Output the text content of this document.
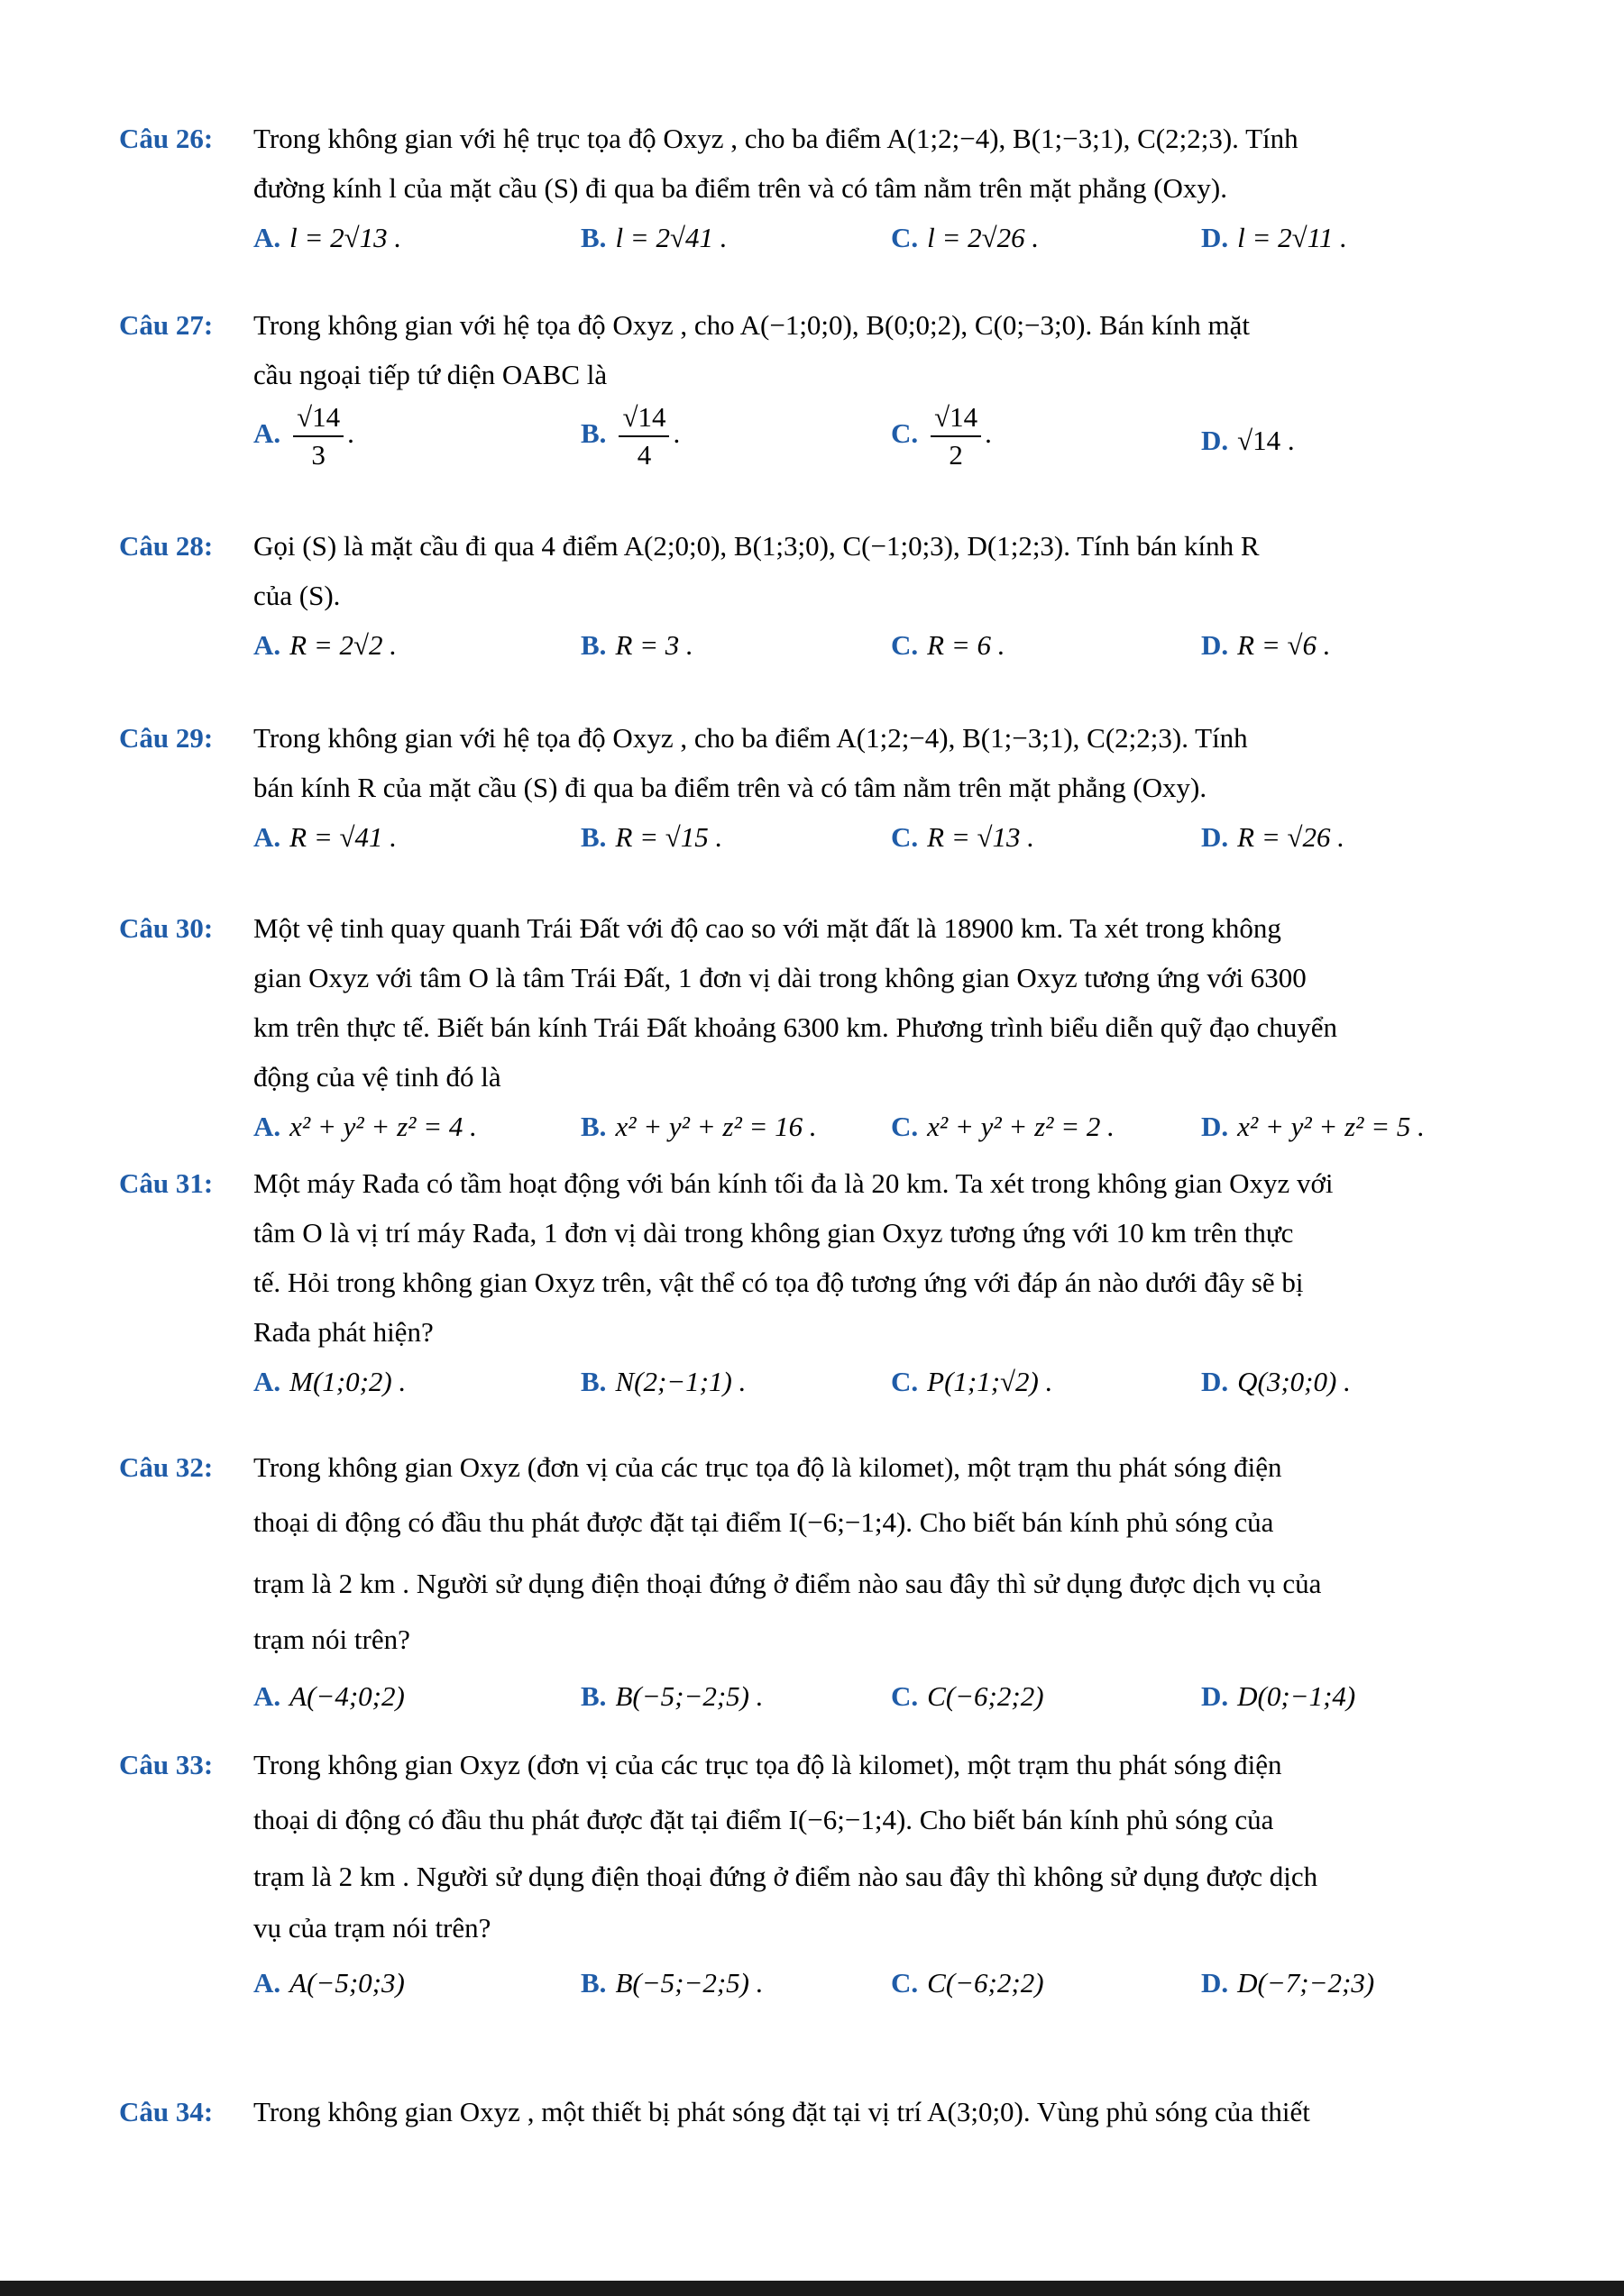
Câu 26: Trong không gian với hệ trục tọa độ Oxyz , cho ba điểm A(1;2;−4), B(1;−3;1), C(2;2;3). Tính
đường kính l của mặt cầu (S) đi qua ba điểm trên và có tâm nằm trên mặt phẳng (Oxy).
A. l = 2√13 .	B. l = 2√41 .	C. l = 2√26 .	D. l = 2√11 .
Câu 27: Trong không gian với hệ tọa độ Oxyz , cho A(−1;0;0), B(0;0;2), C(0;−3;0). Bán kính mặt
cầu ngoại tiếp tứ diện OABC là
A. $\frac{√14}{3}$ .	B. $\frac{√14}{4}$ .	C. $\frac{√14}{2}$ .	D. √14 .
Câu 28: Gọi (S) là mặt cầu đi qua 4 điểm A(2;0;0), B(1;3;0), C(−1;0;3), D(1;2;3). Tính bán kính R
của (S).
A. R = 2√2 .	B. R = 3 .	C. R = 6 .	D. R = √6 .
Câu 29: Trong không gian với hệ tọa độ Oxyz , cho ba điểm A(1;2;−4), B(1;−3;1), C(2;2;3). Tính
bán kính R của mặt cầu (S) đi qua ba điểm trên và có tâm nằm trên mặt phẳng (Oxy).
A. R = √41 .	B. R = √15 .	C. R = √13 .	D. R = √26 .
Câu 30: Một vệ tinh quay quanh Trái Đất với độ cao so với mặt đất là 18900 km. Ta xét trong không
gian Oxyz với tâm O là tâm Trái Đất, 1 đơn vị dài trong không gian Oxyz tương ứng với 6300
km trên thực tế. Biết bán kính Trái Đất khoảng 6300 km. Phương trình biểu diễn quỹ đạo chuyển
động của vệ tinh đó là
A. x² + y² + z² = 4 .	B. x² + y² + z² = 16 .	C. x² + y² + z² = 2 .	D. x² + y² + z² = 5 .
Câu 31: Một máy Rađa có tầm hoạt động với bán kính tối đa là 20 km. Ta xét trong không gian Oxyz với
tâm O là vị trí máy Rađa, 1 đơn vị dài trong không gian Oxyz tương ứng với 10 km trên thực
tế. Hỏi trong không gian Oxyz trên, vật thể có tọa độ tương ứng với đáp án nào dưới đây sẽ bị
Rađa phát hiện?
A. M(1;0;2) .	B. N(2;−1;1) .	C. P(1;1;√2) .	D. Q(3;0;0) .
Câu 32: Trong không gian Oxyz (đơn vị của các trục tọa độ là kilomet), một trạm thu phát sóng điện
thoại di động có đầu thu phát được đặt tại điểm I(−6;−1;4). Cho biết bán kính phủ sóng của
trạm là 2 km . Người sử dụng điện thoại đứng ở điểm nào sau đây thì sử dụng được dịch vụ của
trạm nói trên?
A. A(−4;0;2)	B. B(−5;−2;5) .	C. C(−6;2;2)	D. D(0;−1;4)
Câu 33: Trong không gian Oxyz (đơn vị của các trục tọa độ là kilomet), một trạm thu phát sóng điện
thoại di động có đầu thu phát được đặt tại điểm I(−6;−1;4). Cho biết bán kính phủ sóng của
trạm là 2 km . Người sử dụng điện thoại đứng ở điểm nào sau đây thì không sử dụng được dịch
vụ của trạm nói trên?
A. A(−5;0;3)	B. B(−5;−2;5) .	C. C(−6;2;2)	D. D(−7;−2;3)
Câu 34: Trong không gian Oxyz , một thiết bị phát sóng đặt tại vị trí A(3;0;0). Vùng phủ sóng của thiết
